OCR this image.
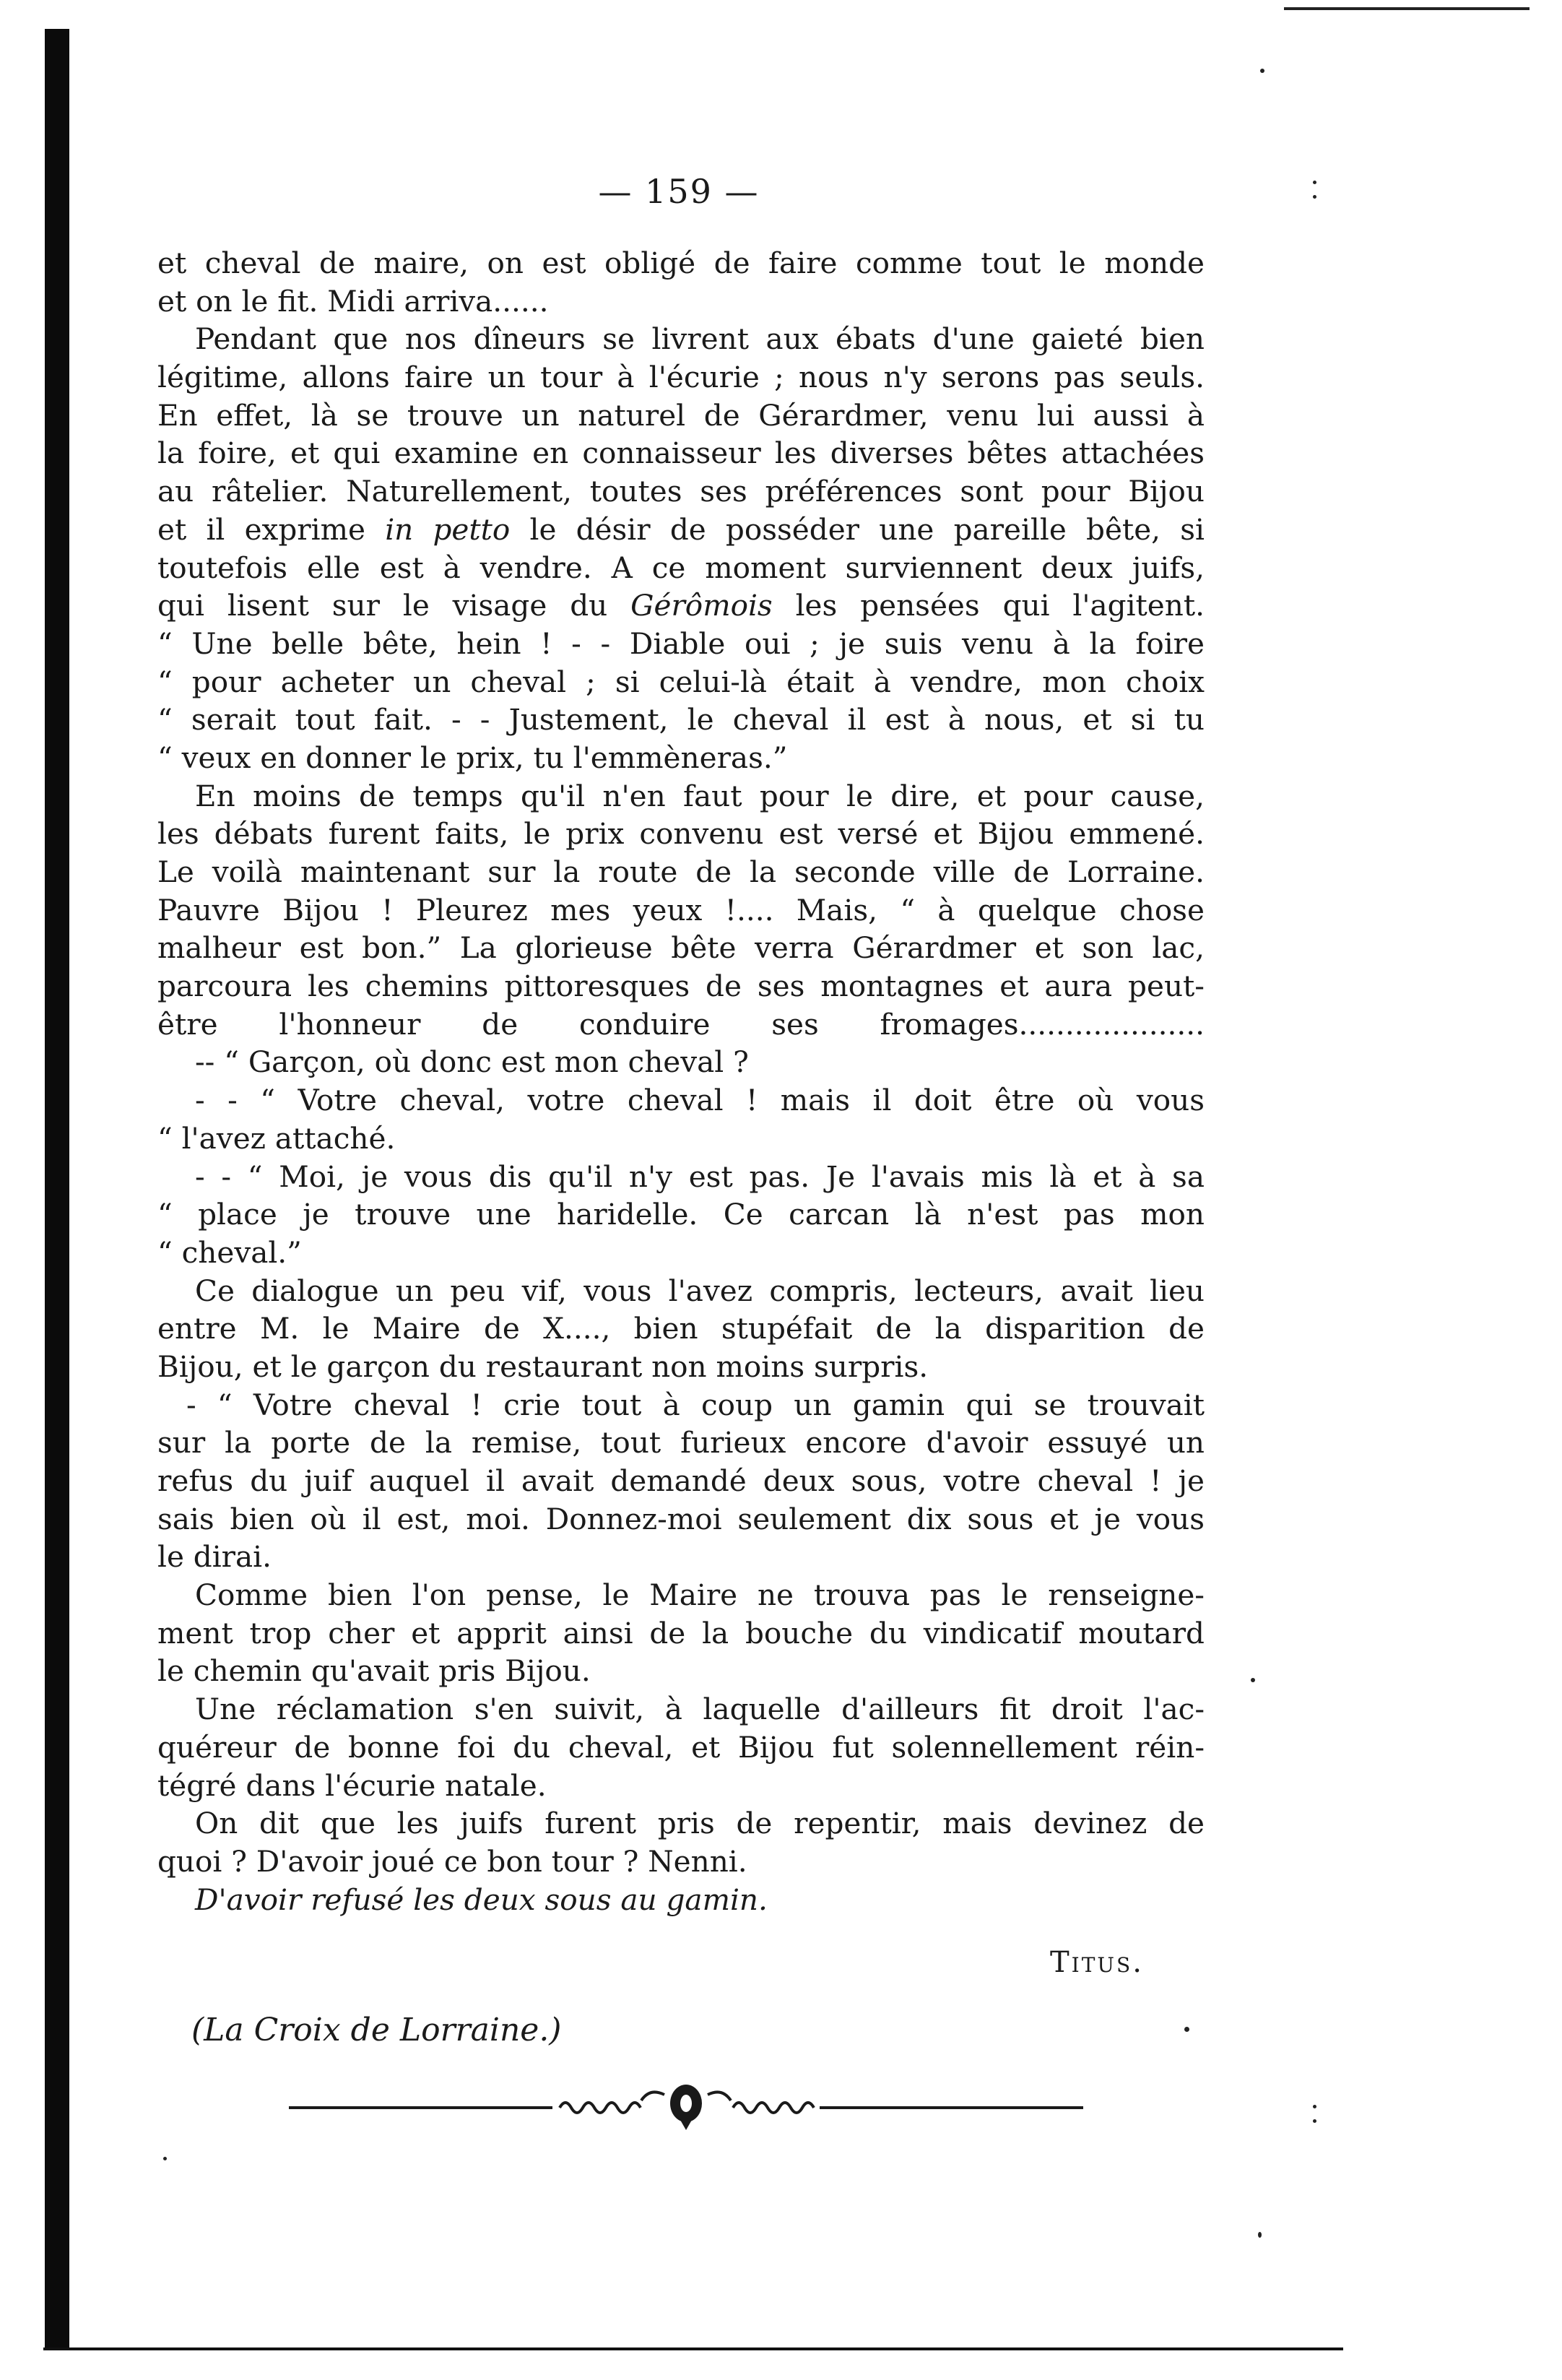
— 159 —
et cheval de maire, on est obligé de faire comme tout le monde
et on le fit. Midi arriva......
Pendant que nos dîneurs se livrent aux ébats d'une gaieté bien
légitime, allons faire un tour à l'écurie ; nous n'y serons pas seuls.
En effet, là se trouve un naturel de Gérardmer, venu lui aussi à
la foire, et qui examine en connaisseur les diverses bêtes attachées
au râtelier. Naturellement, toutes ses préférences sont pour Bijou
et il exprime in petto le désir de posséder une pareille bête, si
toutefois elle est à vendre. A ce moment surviennent deux juifs,
qui lisent sur le visage du Gérômois les pensées qui l'agitent.
“ Une belle bête, hein ! - - Diable oui ; je suis venu à la foire
“ pour acheter un cheval ; si celui-là était à vendre, mon choix
“ serait tout fait. - - Justement, le cheval il est à nous, et si tu
“ veux en donner le prix, tu l'emmèneras.”
En moins de temps qu'il n'en faut pour le dire, et pour cause,
les débats furent faits, le prix convenu est versé et Bijou emmené.
Le voilà maintenant sur la route de la seconde ville de Lorraine.
Pauvre Bijou ! Pleurez mes yeux !.... Mais, “ à quelque chose
malheur est bon.” La glorieuse bête verra Gérardmer et son lac,
parcoura les chemins pittoresques de ses montagnes et aura peut-
être l'honneur de conduire ses fromages....................
-- “ Garçon, où donc est mon cheval ?
- - “ Votre cheval, votre cheval ! mais il doit être où vous
“ l'avez attaché.
- - “ Moi, je vous dis qu'il n'y est pas. Je l'avais mis là et à sa
“ place je trouve une haridelle. Ce carcan là n'est pas mon
“ cheval.”
Ce dialogue un peu vif, vous l'avez compris, lecteurs, avait lieu
entre M. le Maire de X...., bien stupéfait de la disparition de
Bijou, et le garçon du restaurant non moins surpris.
- “ Votre cheval ! crie tout à coup un gamin qui se trouvait
sur la porte de la remise, tout furieux encore d'avoir essuyé un
refus du juif auquel il avait demandé deux sous, votre cheval ! je
sais bien où il est, moi. Donnez-moi seulement dix sous et je vous
le dirai.
Comme bien l'on pense, le Maire ne trouva pas le renseigne-
ment trop cher et apprit ainsi de la bouche du vindicatif moutard
le chemin qu'avait pris Bijou.
Une réclamation s'en suivit, à laquelle d'ailleurs fit droit l'ac-
quéreur de bonne foi du cheval, et Bijou fut solennellement réin-
tégré dans l'écurie natale.
On dit que les juifs furent pris de repentir, mais devinez de
quoi ? D'avoir joué ce bon tour ? Nenni.
D'avoir refusé les deux sous au gamin.
Titus.
(La Croix de Lorraine.)
